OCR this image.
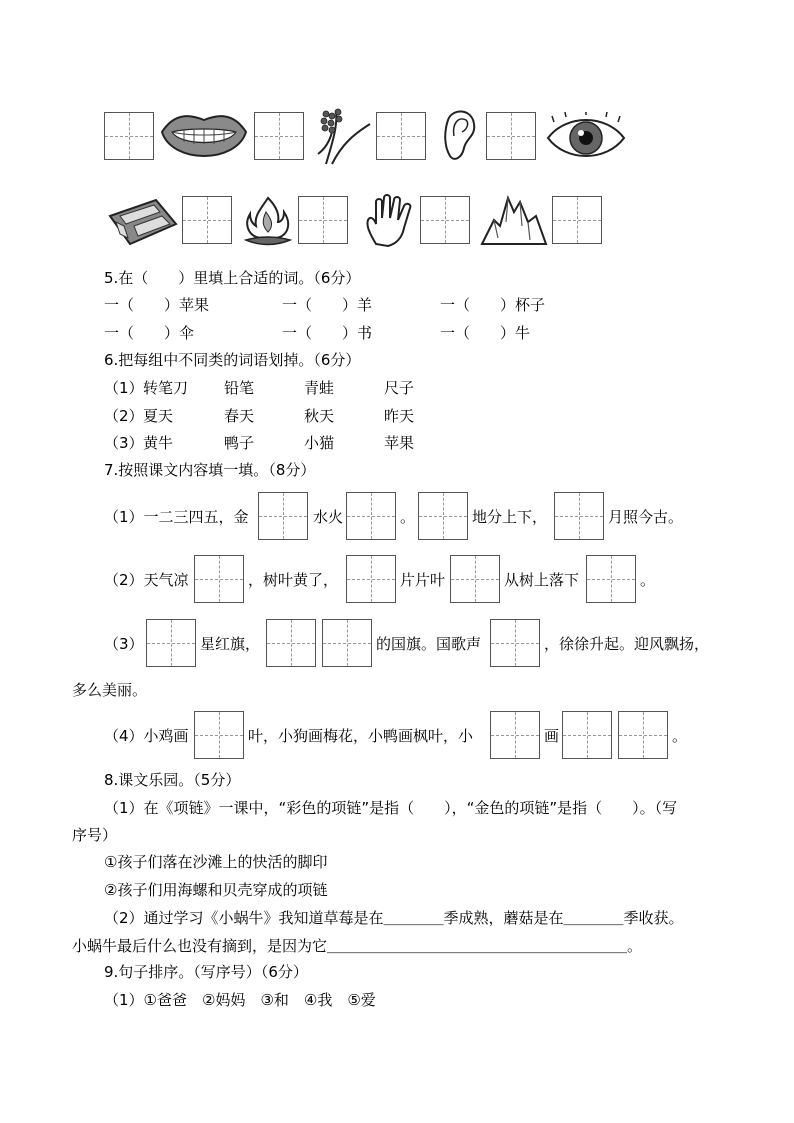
5.在（　　）里填上合适的词。（6分）
一（　　）苹果	一（　　）羊	一（　　）杯子
一（　　）伞	一（　　）书	一（　　）牛
6.把每组中不同类的词语划掉。（6分）
（1） 转笔刀 铅笔	青蛙	尺子
（2） 夏天	春天	秋天	昨天
（3） 黄牛	鸭子	小猫	苹果
7.按照课文内容填一填。（8分）
（1）一二三四五，金	水火	。	地分上下，	月照今古。
（2）天气凉	，树叶黄了，	片片叶	从树上落下	。
（3）	星红旗，	的国旗。国歌声	，徐徐升起。迎风飘扬，
多么美丽。
（4）小鸡画	叶，小狗画梅花，小鸭画枫叶，小	画	。
8.课文乐园。（5分）
（1）在《项链》一课中，“彩色的项链”是指（　　），“金色的项链”是指（　　）。（写
序号）
①孩子们落在沙滩上的快活的脚印
②孩子们用海螺和贝壳穿成的项链
（2）通过学习《小蜗牛》我知道草莓是在＿＿＿＿季成熟，蘑菇是在＿＿＿＿季收获。
小蜗牛最后什么也没有摘到，是因为它＿＿＿＿＿＿＿＿＿＿＿＿＿＿＿＿＿＿＿＿。
9.句子排序。（写序号）（6分）
（1）①爸爸　②妈妈　③和　④我　⑤爱
